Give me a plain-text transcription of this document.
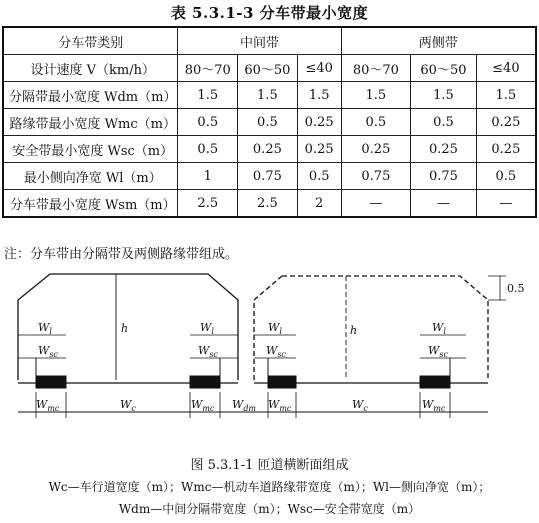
表 5.3.1-3 分车带最小宽度
分车带类别	中间带			两侧带		
设计速度 V（km/h）	80～70	60～50	≤40	80～70	60～50	≤40
分隔带最小宽度 Wdm（m）	1.5	1.5	1.5	1.5	1.5	1.5
路缘带最小宽度 Wmc（m）	0.5	0.5	0.25	0.5	0.5	0.25
安全带最小宽度 Wsc（m）	0.5	0.25	0.25	0.25	0.25	0.25
最小侧向净宽 Wl（m）	1	0.75	0.5	0.75	0.75	0.5
分车带最小宽度 Wsm（m）	2.5	2.5	2	—	—	—
注：分车带由分隔带及两侧路缘带组成。
h
$W_l$
$W_{sc}$
$W_l$
$W_{sc}$
h
0.5
$W_l$
$W_{sc}$
$W_l$
$W_{sc}$
$W_{mc}$	$W_c$	$W_{mc}$ $W_{dm}$ $W_{mc}$	$W_c$	$W_{mc}$
图 5.3.1-1 匝道横断面组成
Wc—车行道宽度（m）；Wmc—机动车道路缘带宽度（m）；Wl—侧向净宽（m）；
Wdm—中间分隔带宽度（m）；Wsc—安全带宽度（m）
